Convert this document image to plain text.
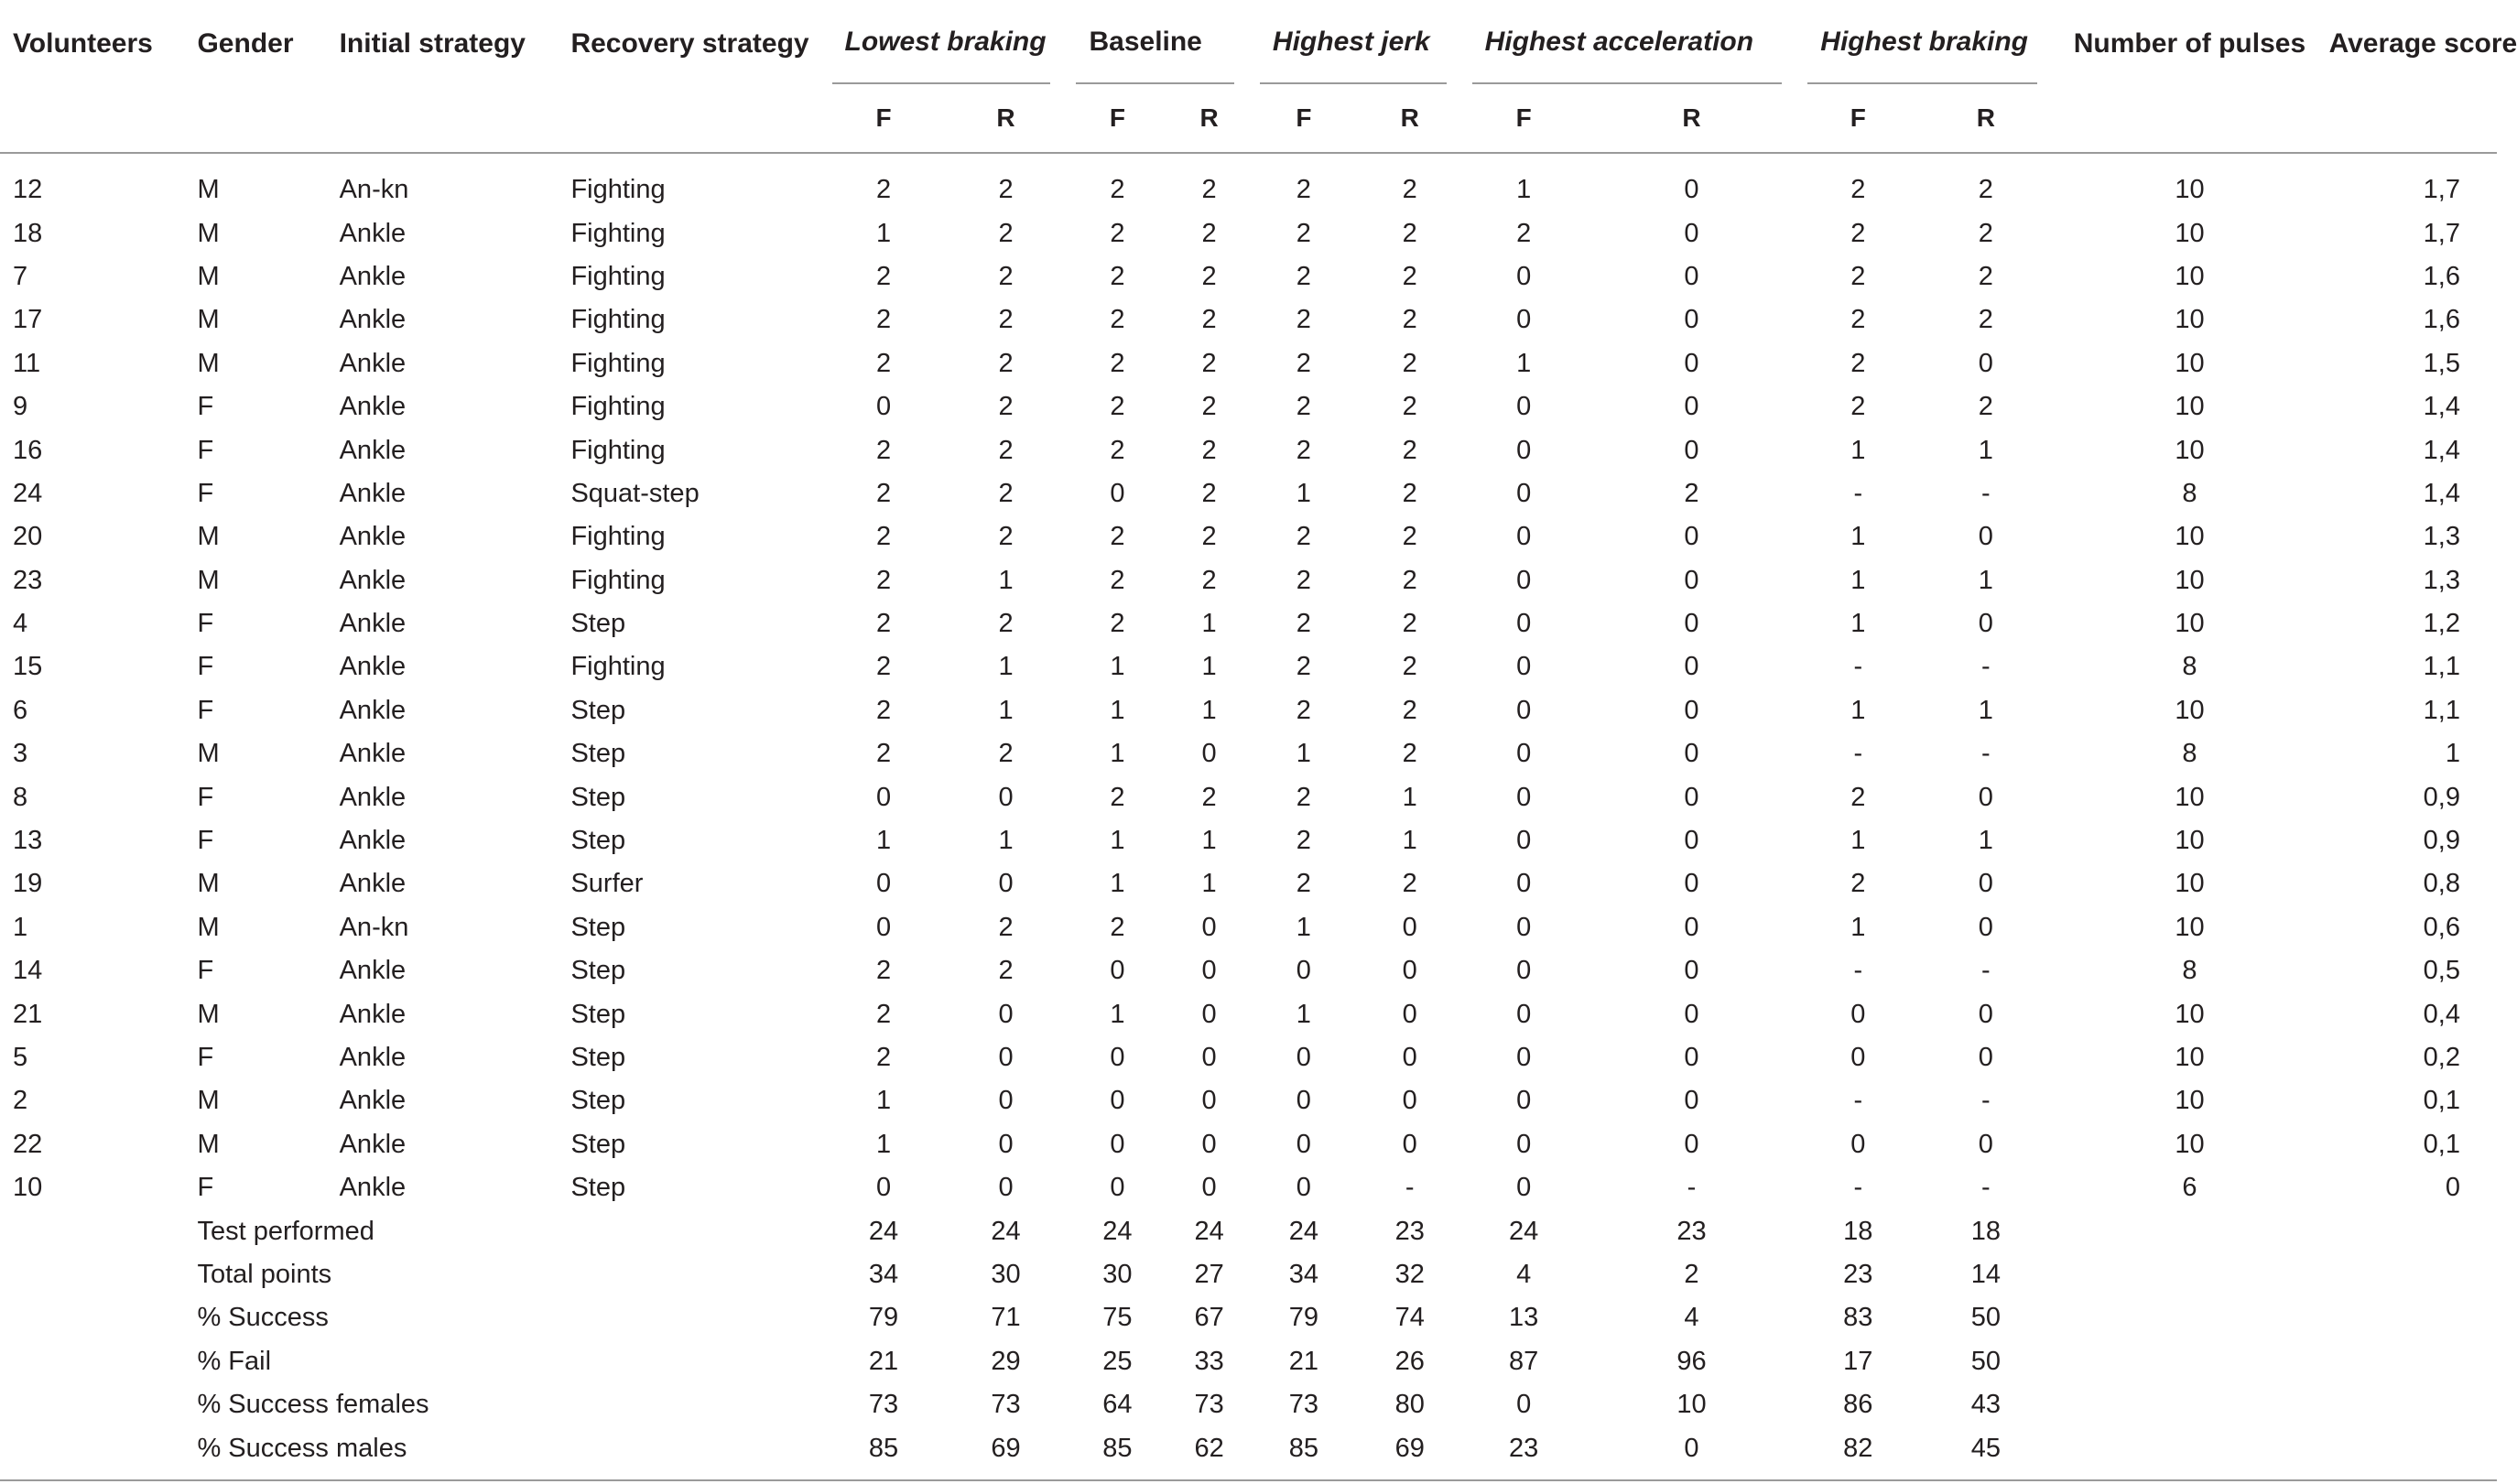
Volunteers	Gender	Initial strategy	Recovery strategy	Lowest braking		Baseline		Highest jerk		Highest acceleration		Highest braking		Number of pulses	Average score
				F	R	F	R	F	R	F	R	F	R		

12	M	An-kn	Fighting	2	2	2	2	2	2	1	0	2	2	10	1,7
18	M	Ankle	Fighting	1	2	2	2	2	2	2	0	2	2	10	1,7
7	M	Ankle	Fighting	2	2	2	2	2	2	0	0	2	2	10	1,6
17	M	Ankle	Fighting	2	2	2	2	2	2	0	0	2	2	10	1,6
11	M	Ankle	Fighting	2	2	2	2	2	2	1	0	2	0	10	1,5
9	F	Ankle	Fighting	0	2	2	2	2	2	0	0	2	2	10	1,4
16	F	Ankle	Fighting	2	2	2	2	2	2	0	0	1	1	10	1,4
24	F	Ankle	Squat-step	2	2	0	2	1	2	0	2	-	-	8	1,4
20	M	Ankle	Fighting	2	2	2	2	2	2	0	0	1	0	10	1,3
23	M	Ankle	Fighting	2	1	2	2	2	2	0	0	1	1	10	1,3
4	F	Ankle	Step	2	2	2	1	2	2	0	0	1	0	10	1,2
15	F	Ankle	Fighting	2	1	1	1	2	2	0	0	-	-	8	1,1
6	F	Ankle	Step	2	1	1	1	2	2	0	0	1	1	10	1,1
3	M	Ankle	Step	2	2	1	0	1	2	0	0	-	-	8	1
8	F	Ankle	Step	0	0	2	2	2	1	0	0	2	0	10	0,9
13	F	Ankle	Step	1	1	1	1	2	1	0	0	1	1	10	0,9
19	M	Ankle	Surfer	0	0	1	1	2	2	0	0	2	0	10	0,8
1	M	An-kn	Step	0	2	2	0	1	0	0	0	1	0	10	0,6
14	F	Ankle	Step	2	2	0	0	0	0	0	0	-	-	8	0,5
21	M	Ankle	Step	2	0	1	0	1	0	0	0	0	0	10	0,4
5	F	Ankle	Step	2	0	0	0	0	0	0	0	0	0	10	0,2
2	M	Ankle	Step	1	0	0	0	0	0	0	0	-	-	10	0,1
22	M	Ankle	Step	1	0	0	0	0	0	0	0	0	0	10	0,1
10	F	Ankle	Step	0	0	0	0	0	-	0	-	-	-	6	0
	Test performed			24	24	24	24	24	23	24	23	18	18		
	Total points			34	30	30	27	34	32	4	2	23	14		
	% Success			79	71	75	67	79	74	13	4	83	50		
	% Fail			21	29	25	33	21	26	87	96	17	50		
	% Success females			73	73	64	73	73	80	0	10	86	43		
	% Success males			85	69	85	62	85	69	23	0	82	45		
